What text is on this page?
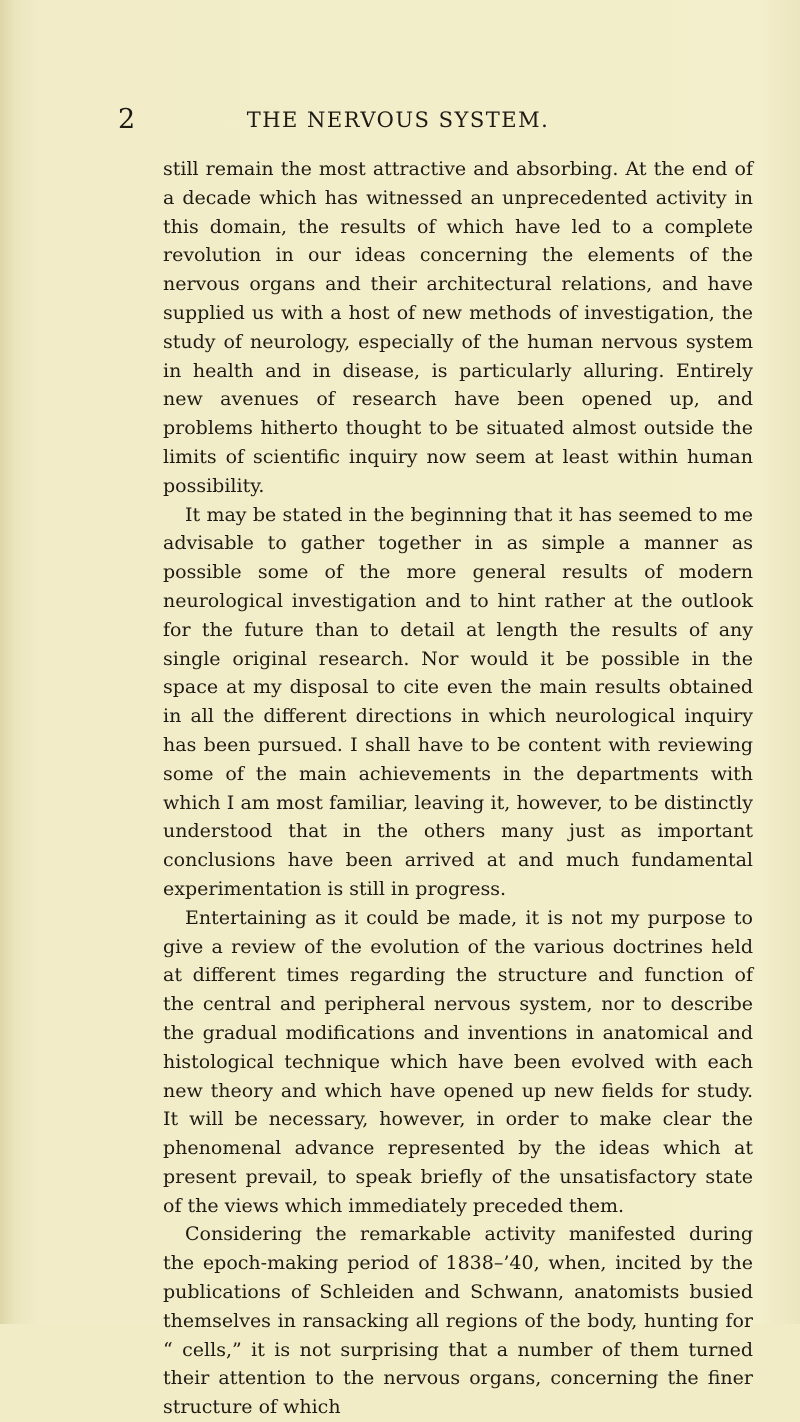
2	THE NERVOUS SYSTEM.

still remain the most attractive and absorbing. At the end of a decade which has witnessed an unprecedented activity in this domain, the results of which have led to a complete revolution in our ideas concerning the elements of the nervous organs and their architectural relations, and have supplied us with a host of new methods of investigation, the study of neurology, especially of the human nervous system in health and in disease, is particularly alluring. Entirely new avenues of research have been opened up, and problems hitherto thought to be situated almost outside the limits of scientific inquiry now seem at least within human possibility.

It may be stated in the beginning that it has seemed to me advisable to gather together in as simple a manner as possible some of the more general results of modern neurological investigation and to hint rather at the outlook for the future than to detail at length the results of any single original research. Nor would it be possible in the space at my disposal to cite even the main results obtained in all the different directions in which neurological inquiry has been pursued. I shall have to be content with reviewing some of the main achievements in the departments with which I am most familiar, leaving it, however, to be distinctly understood that in the others many just as important conclusions have been arrived at and much fundamental experimentation is still in progress.

Entertaining as it could be made, it is not my purpose to give a review of the evolution of the various doctrines held at different times regarding the structure and function of the central and peripheral nervous system, nor to describe the gradual modifications and inventions in anatomical and histological technique which have been evolved with each new theory and which have opened up new fields for study. It will be necessary, however, in order to make clear the phenomenal advance represented by the ideas which at present prevail, to speak briefly of the unsatisfactory state of the views which immediately preceded them.

Considering the remarkable activity manifested during the epoch-making period of 1838–’40, when, incited by the publications of Schleiden and Schwann, anatomists busied themselves in ransacking all regions of the body, hunting for “ cells,” it is not surprising that a number of them turned their attention to the nervous organs, concerning the finer structure of which
